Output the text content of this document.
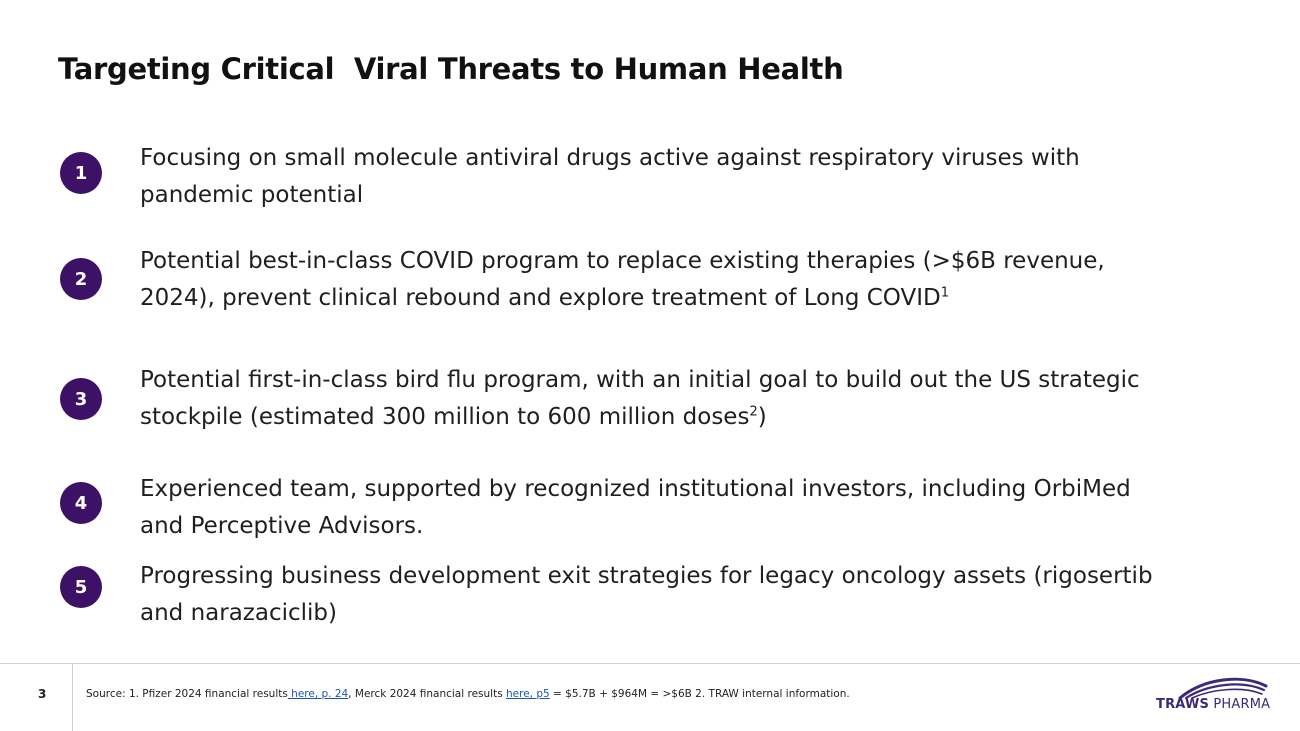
Targeting Critical  Viral Threats to Human Health
1
Focusing on small molecule antiviral drugs active against respiratory viruses with
pandemic potential
2
Potential best-in-class COVID program to replace existing therapies (>$6B revenue,
2024), prevent clinical rebound and explore treatment of Long COVID$^1$
3
Potential first-in-class bird flu program, with an initial goal to build out the US strategic
stockpile (estimated 300 million to 600 million doses$^2$)
4
Experienced team, supported by recognized institutional investors, including OrbiMed
and Perceptive Advisors.
5	Progressing business development exit strategies for legacy oncology assets (rigosertib
and narazaciclib)
3	Source: 1. Pfizer 2024 financial results here, p. 24, Merck 2024 financial results here, p5 = $5.7B + $964M = >$6B 2. TRAW internal information.
TRAWS PHARMA
